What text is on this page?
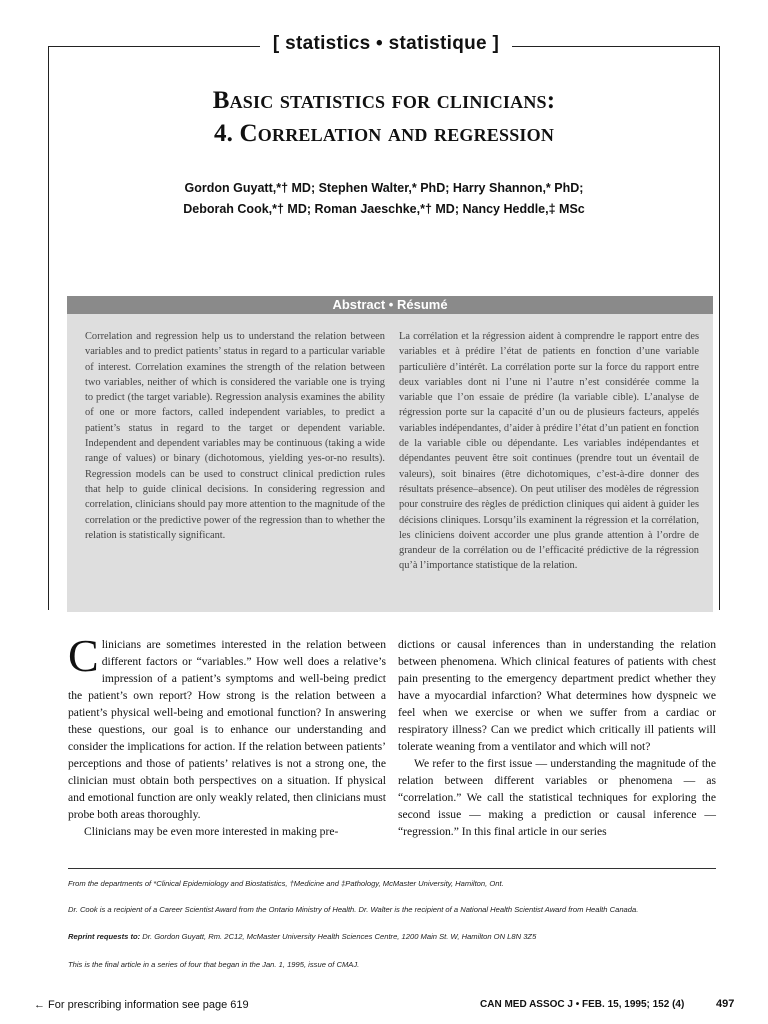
[ statistics • statistique ]
Basic statistics for clinicians:
4. Correlation and regression
Gordon Guyatt,*† MD; Stephen Walter,* PhD; Harry Shannon,* PhD;
Deborah Cook,*† MD; Roman Jaeschke,*† MD; Nancy Heddle,‡ MSc
Abstract • Résumé
Correlation and regression help us to understand the relation between variables and to predict patients’ status in regard to a particular variable of interest. Correlation examines the strength of the relation between two variables, neither of which is considered the variable one is trying to predict (the target variable). Regression analysis examines the ability of one or more factors, called independent variables, to predict a patient’s status in regard to the target or dependent variable. Independent and dependent variables may be continuous (taking a wide range of values) or binary (dichotomous, yielding yes-or-no results). Regression models can be used to construct clinical prediction rules that help to guide clinical decisions. In considering regression and correlation, clinicians should pay more attention to the magnitude of the correlation or the predictive power of the regression than to whether the relation is statistically significant.
La corrélation et la régression aident à comprendre le rapport entre des variables et à prédire l’état de patients en fonction d’une variable particulière d’intérêt. La corrélation porte sur la force du rapport entre deux variables dont ni l’une ni l’autre n’est considérée comme la variable que l’on essaie de prédire (la variable cible). L’analyse de régression porte sur la capacité d’un ou de plusieurs facteurs, appelés variables indépendantes, d’aider à prédire l’état d’un patient en fonction de la variable cible ou dépendante. Les variables indépendantes et dépendantes peuvent être soit continues (prendre tout un éventail de valeurs), soit binaires (être dichotomiques, c’est-à-dire donner des résultats présence–absence). On peut utiliser des modèles de régression pour construire des règles de prédiction cliniques qui aident à guider les décisions cliniques. Lorsqu’ils examinent la régression et la corrélation, les cliniciens doivent accorder une plus grande attention à l’ordre de grandeur de la corrélation ou de l’efficacité prédictive de la régression qu’à l’importance statistique de la relation.

Clinicians are sometimes interested in the relation between different factors or “variables.” How well does a relative’s impression of a patient’s symptoms and well-being predict the patient’s own report? How strong is the relation between a patient’s physical well-being and emotional function? In answering these questions, our goal is to enhance our understanding and consider the implications for action. If the relation between patients’ perceptions and those of patients’ relatives is not a strong one, the clinician must obtain both perspectives on a situation. If physical and emotional function are only weakly related, then clinicians must probe both areas thoroughly.

Clinicians may be even more interested in making pre-

dictions or causal inferences than in understanding the relation between phenomena. Which clinical features of patients with chest pain presenting to the emergency department predict whether they have a myocardial infarction? What determines how dyspneic we feel when we exercise or when we suffer from a cardiac or respiratory illness? Can we predict which critically ill patients will tolerate weaning from a ventilator and which will not?

We refer to the first issue — understanding the magnitude of the relation between different variables or phenomena — as “correlation.” We call the statistical techniques for exploring the second issue — making a prediction or causal inference — “regression.” In this final article in our series

From the departments of *Clinical Epidemiology and Biostatistics, †Medicine and ‡Pathology, McMaster University, Hamilton, Ont.
Dr. Cook is a recipient of a Career Scientist Award from the Ontario Ministry of Health. Dr. Walter is the recipient of a National Health Scientist Award from Health Canada.
Reprint requests to: Dr. Gordon Guyatt, Rm. 2C12, McMaster University Health Sciences Centre, 1200 Main St. W, Hamilton ON L8N 3Z5
This is the final article in a series of four that began in the Jan. 1, 1995, issue of CMAJ.
← For prescribing information see page 619	CAN MED ASSOC J • FEB. 15, 1995; 152 (4)	497
